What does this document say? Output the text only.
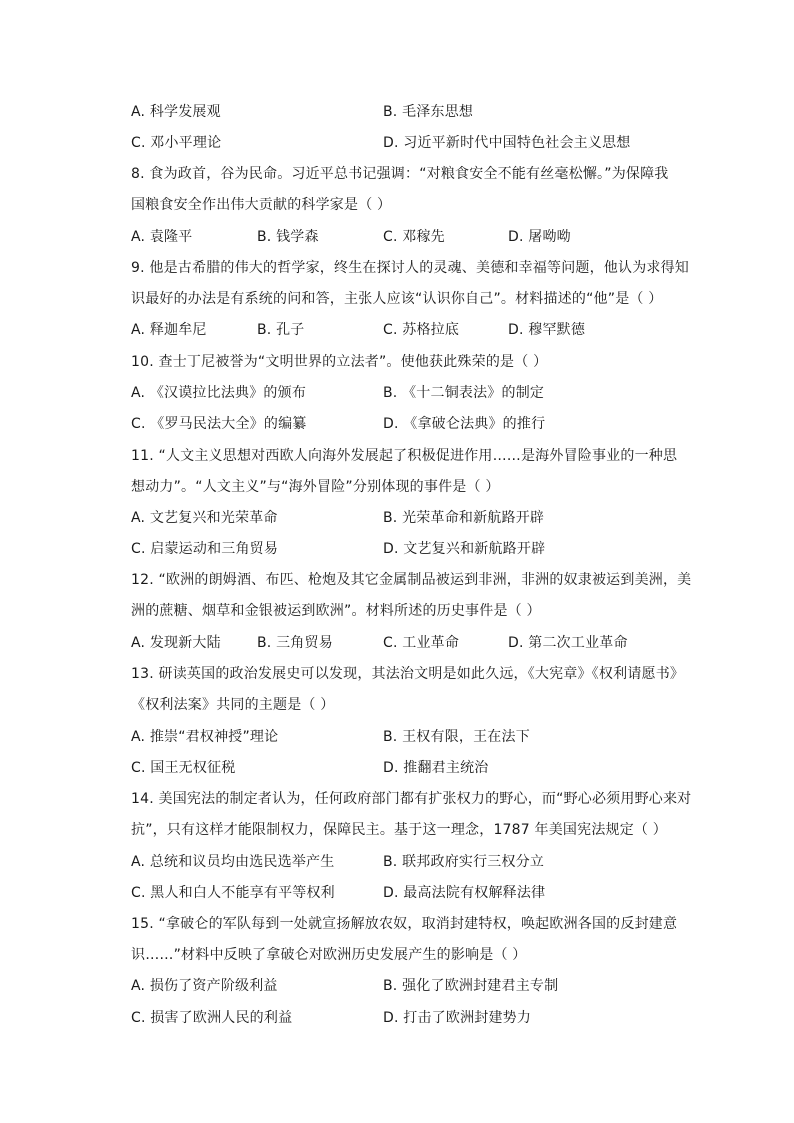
A. 科学发展观	B. 毛泽东思想
C. 邓小平理论	D. 习近平新时代中国特色社会主义思想
8. 食为政首，谷为民命。习近平总书记强调：“对粮食安全不能有丝毫松懈。”为保障我
国粮食安全作出伟大贡献的科学家是（ ）
A. 袁隆平	B. 钱学森	C. 邓稼先	D. 屠呦呦
9. 他是古希腊的伟大的哲学家，终生在探讨人的灵魂、美德和幸福等问题，他认为求得知
识最好的办法是有系统的问和答，主张人应该“认识你自己”。材料描述的“他”是（ ）
A. 释迦牟尼	B. 孔子	C. 苏格拉底	D. 穆罕默德
10. 查士丁尼被誉为“文明世界的立法者”。使他获此殊荣的是（ ）
A. 《汉谟拉比法典》的颁布	B. 《十二铜表法》的制定
C. 《罗马民法大全》的编纂	D. 《拿破仑法典》的推行
11. “人文主义思想对西欧人向海外发展起了积极促进作用……是海外冒险事业的一种思
想动力”。“人文主义”与“海外冒险”分别体现的事件是（ ）
A. 文艺复兴和光荣革命	B. 光荣革命和新航路开辟
C. 启蒙运动和三角贸易	D. 文艺复兴和新航路开辟
12. “欧洲的朗姆酒、布匹、枪炮及其它金属制品被运到非洲，非洲的奴隶被运到美洲，美
洲的蔗糖、烟草和金银被运到欧洲”。材料所述的历史事件是（ ）
A. 发现新大陆	B. 三角贸易	C. 工业革命	D. 第二次工业革命
13. 研读英国的政治发展史可以发现，其法治文明是如此久远，《大宪章》《权利请愿书》
《权利法案》共同的主题是（ ）
A. 推崇“君权神授”理论	B. 王权有限，王在法下
C. 国王无权征税	D. 推翻君主统治
14. 美国宪法的制定者认为，任何政府部门都有扩张权力的野心，而“野心必须用野心来对
抗”，只有这样才能限制权力，保障民主。基于这一理念，1787 年美国宪法规定（ ）
A. 总统和议员均由选民选举产生	B. 联邦政府实行三权分立
C. 黑人和白人不能享有平等权利	D. 最高法院有权解释法律
15. “拿破仑的军队每到一处就宣扬解放农奴，取消封建特权，唤起欧洲各国的反封建意
识……”材料中反映了拿破仑对欧洲历史发展产生的影响是（ ）
A. 损伤了资产阶级利益	B. 强化了欧洲封建君主专制
C. 损害了欧洲人民的利益	D. 打击了欧洲封建势力
